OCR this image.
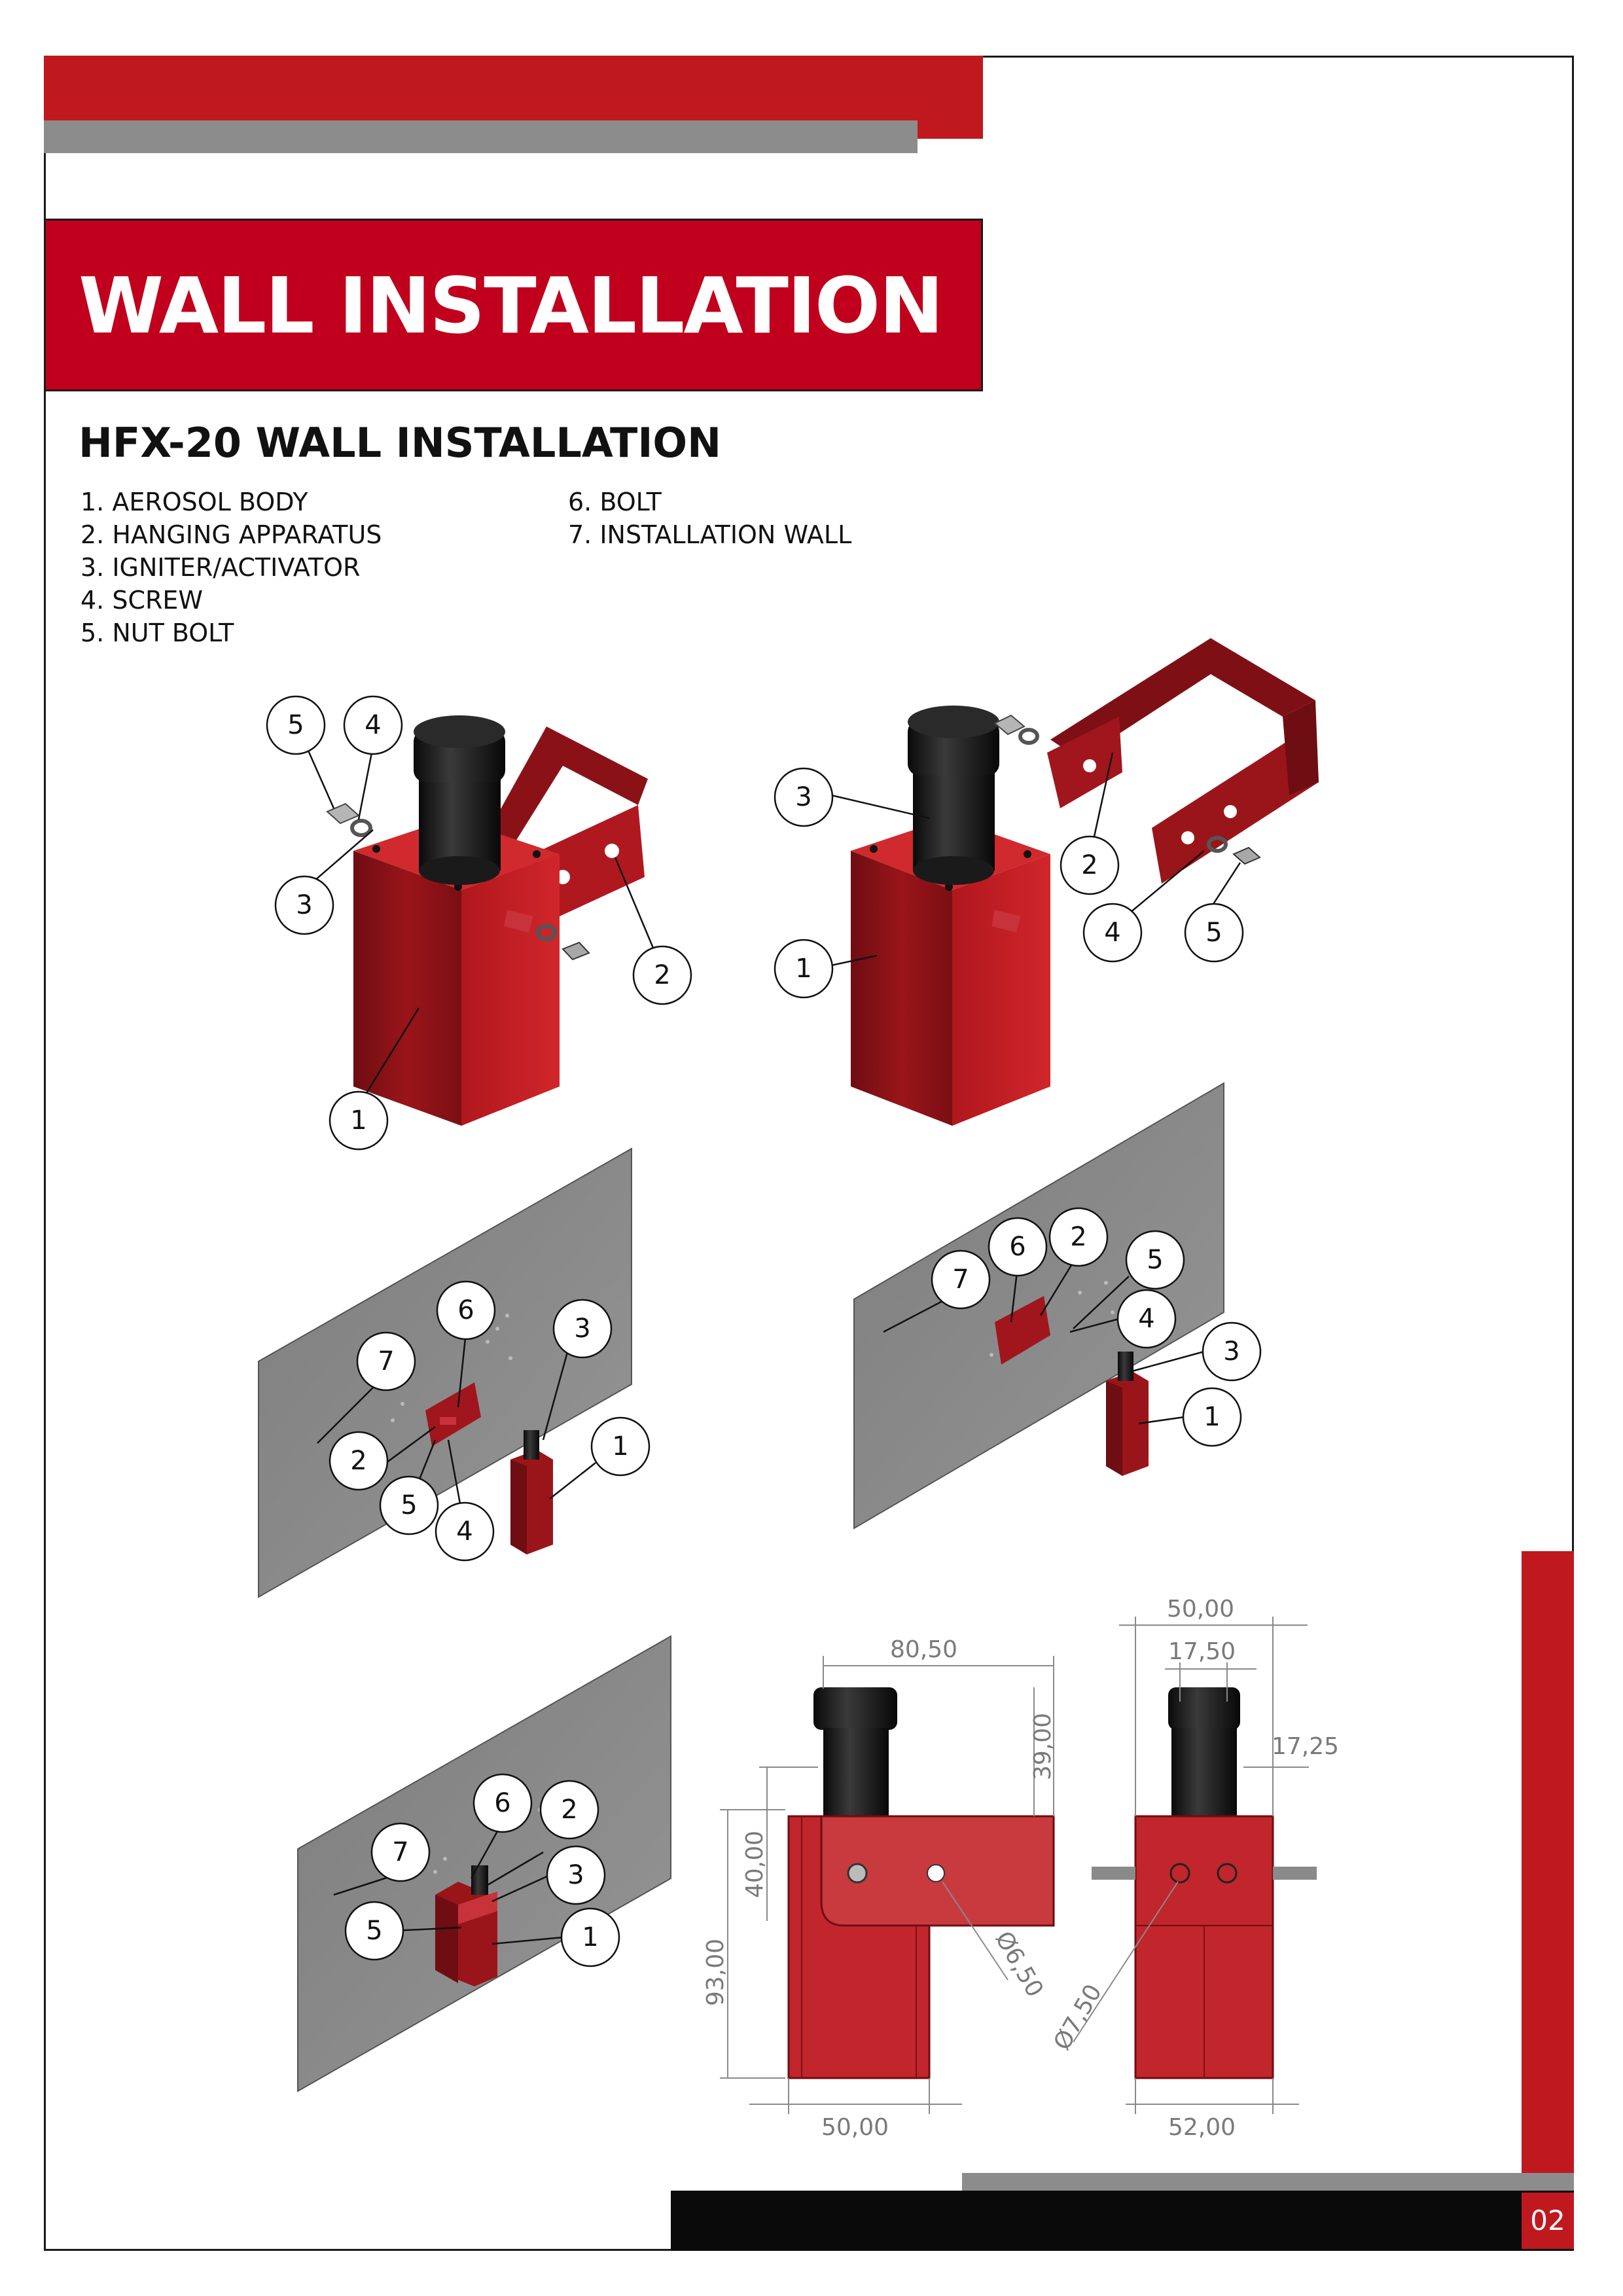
WALL INSTALLATION
HFX-20 WALL INSTALLATION
1. AEROSOL BODY
2. HANGING APPARATUS
3. IGNITER/ACTIVATOR
4. SCREW
5. NUT BOLT
6. BOLT
7. INSTALLATION WALL
02
5 4
3
2
1
3
1
2
4	5
7
6
3
1
2
5
4
7
6 2
5
4
3
1
7
6 2
3
5	1
80,50
39,00
40,00
93,00
50,00
Ø6,50
50,00
17,50
17,25
52,00
Ø7,50
